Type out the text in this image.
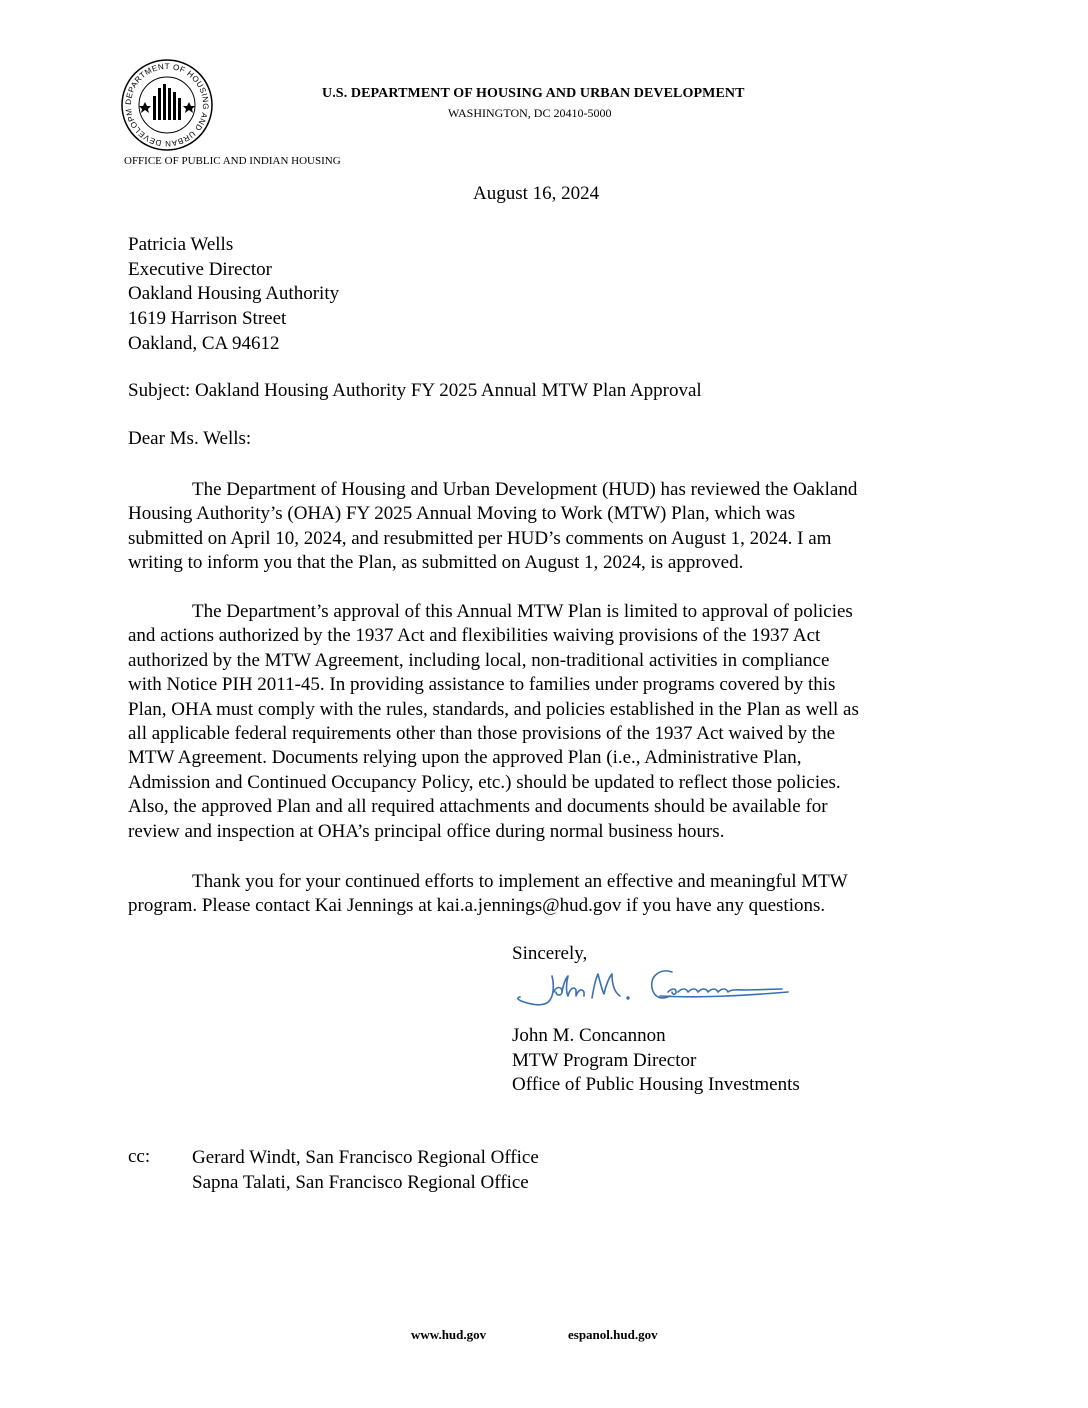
DEPARTMENT OF HOUSING AND URBAN DEVELOPM
U.S. DEPARTMENT OF HOUSING AND URBAN DEVELOPMENT
WASHINGTON, DC 20410-5000
OFFICE OF PUBLIC AND INDIAN HOUSING
August 16, 2024
Patricia Wells
Executive Director
Oakland Housing Authority
1619 Harrison Street
Oakland, CA 94612
Subject: Oakland Housing Authority FY 2025 Annual MTW Plan Approval
Dear Ms. Wells:
The Department of Housing and Urban Development (HUD) has reviewed the Oakland
Housing Authority’s (OHA) FY 2025 Annual Moving to Work (MTW) Plan, which was
submitted on April 10, 2024, and resubmitted per HUD’s comments on August 1, 2024. I am
writing to inform you that the Plan, as submitted on August 1, 2024, is approved.
The Department’s approval of this Annual MTW Plan is limited to approval of policies
and actions authorized by the 1937 Act and flexibilities waiving provisions of the 1937 Act
authorized by the MTW Agreement, including local, non-traditional activities in compliance
with Notice PIH 2011-45. In providing assistance to families under programs covered by this
Plan, OHA must comply with the rules, standards, and policies established in the Plan as well as
all applicable federal requirements other than those provisions of the 1937 Act waived by the
MTW Agreement. Documents relying upon the approved Plan (i.e., Administrative Plan,
Admission and Continued Occupancy Policy, etc.) should be updated to reflect those policies.
Also, the approved Plan and all required attachments and documents should be available for
review and inspection at OHA’s principal office during normal business hours.
Thank you for your continued efforts to implement an effective and meaningful MTW
program. Please contact Kai Jennings at kai.a.jennings@hud.gov if you have any questions.
Sincerely,
John M. Concannon
MTW Program Director
Office of Public Housing Investments
cc: Gerard Windt, San Francisco Regional Office
Sapna Talati, San Francisco Regional Office
www.hud.gov	espanol.hud.gov
